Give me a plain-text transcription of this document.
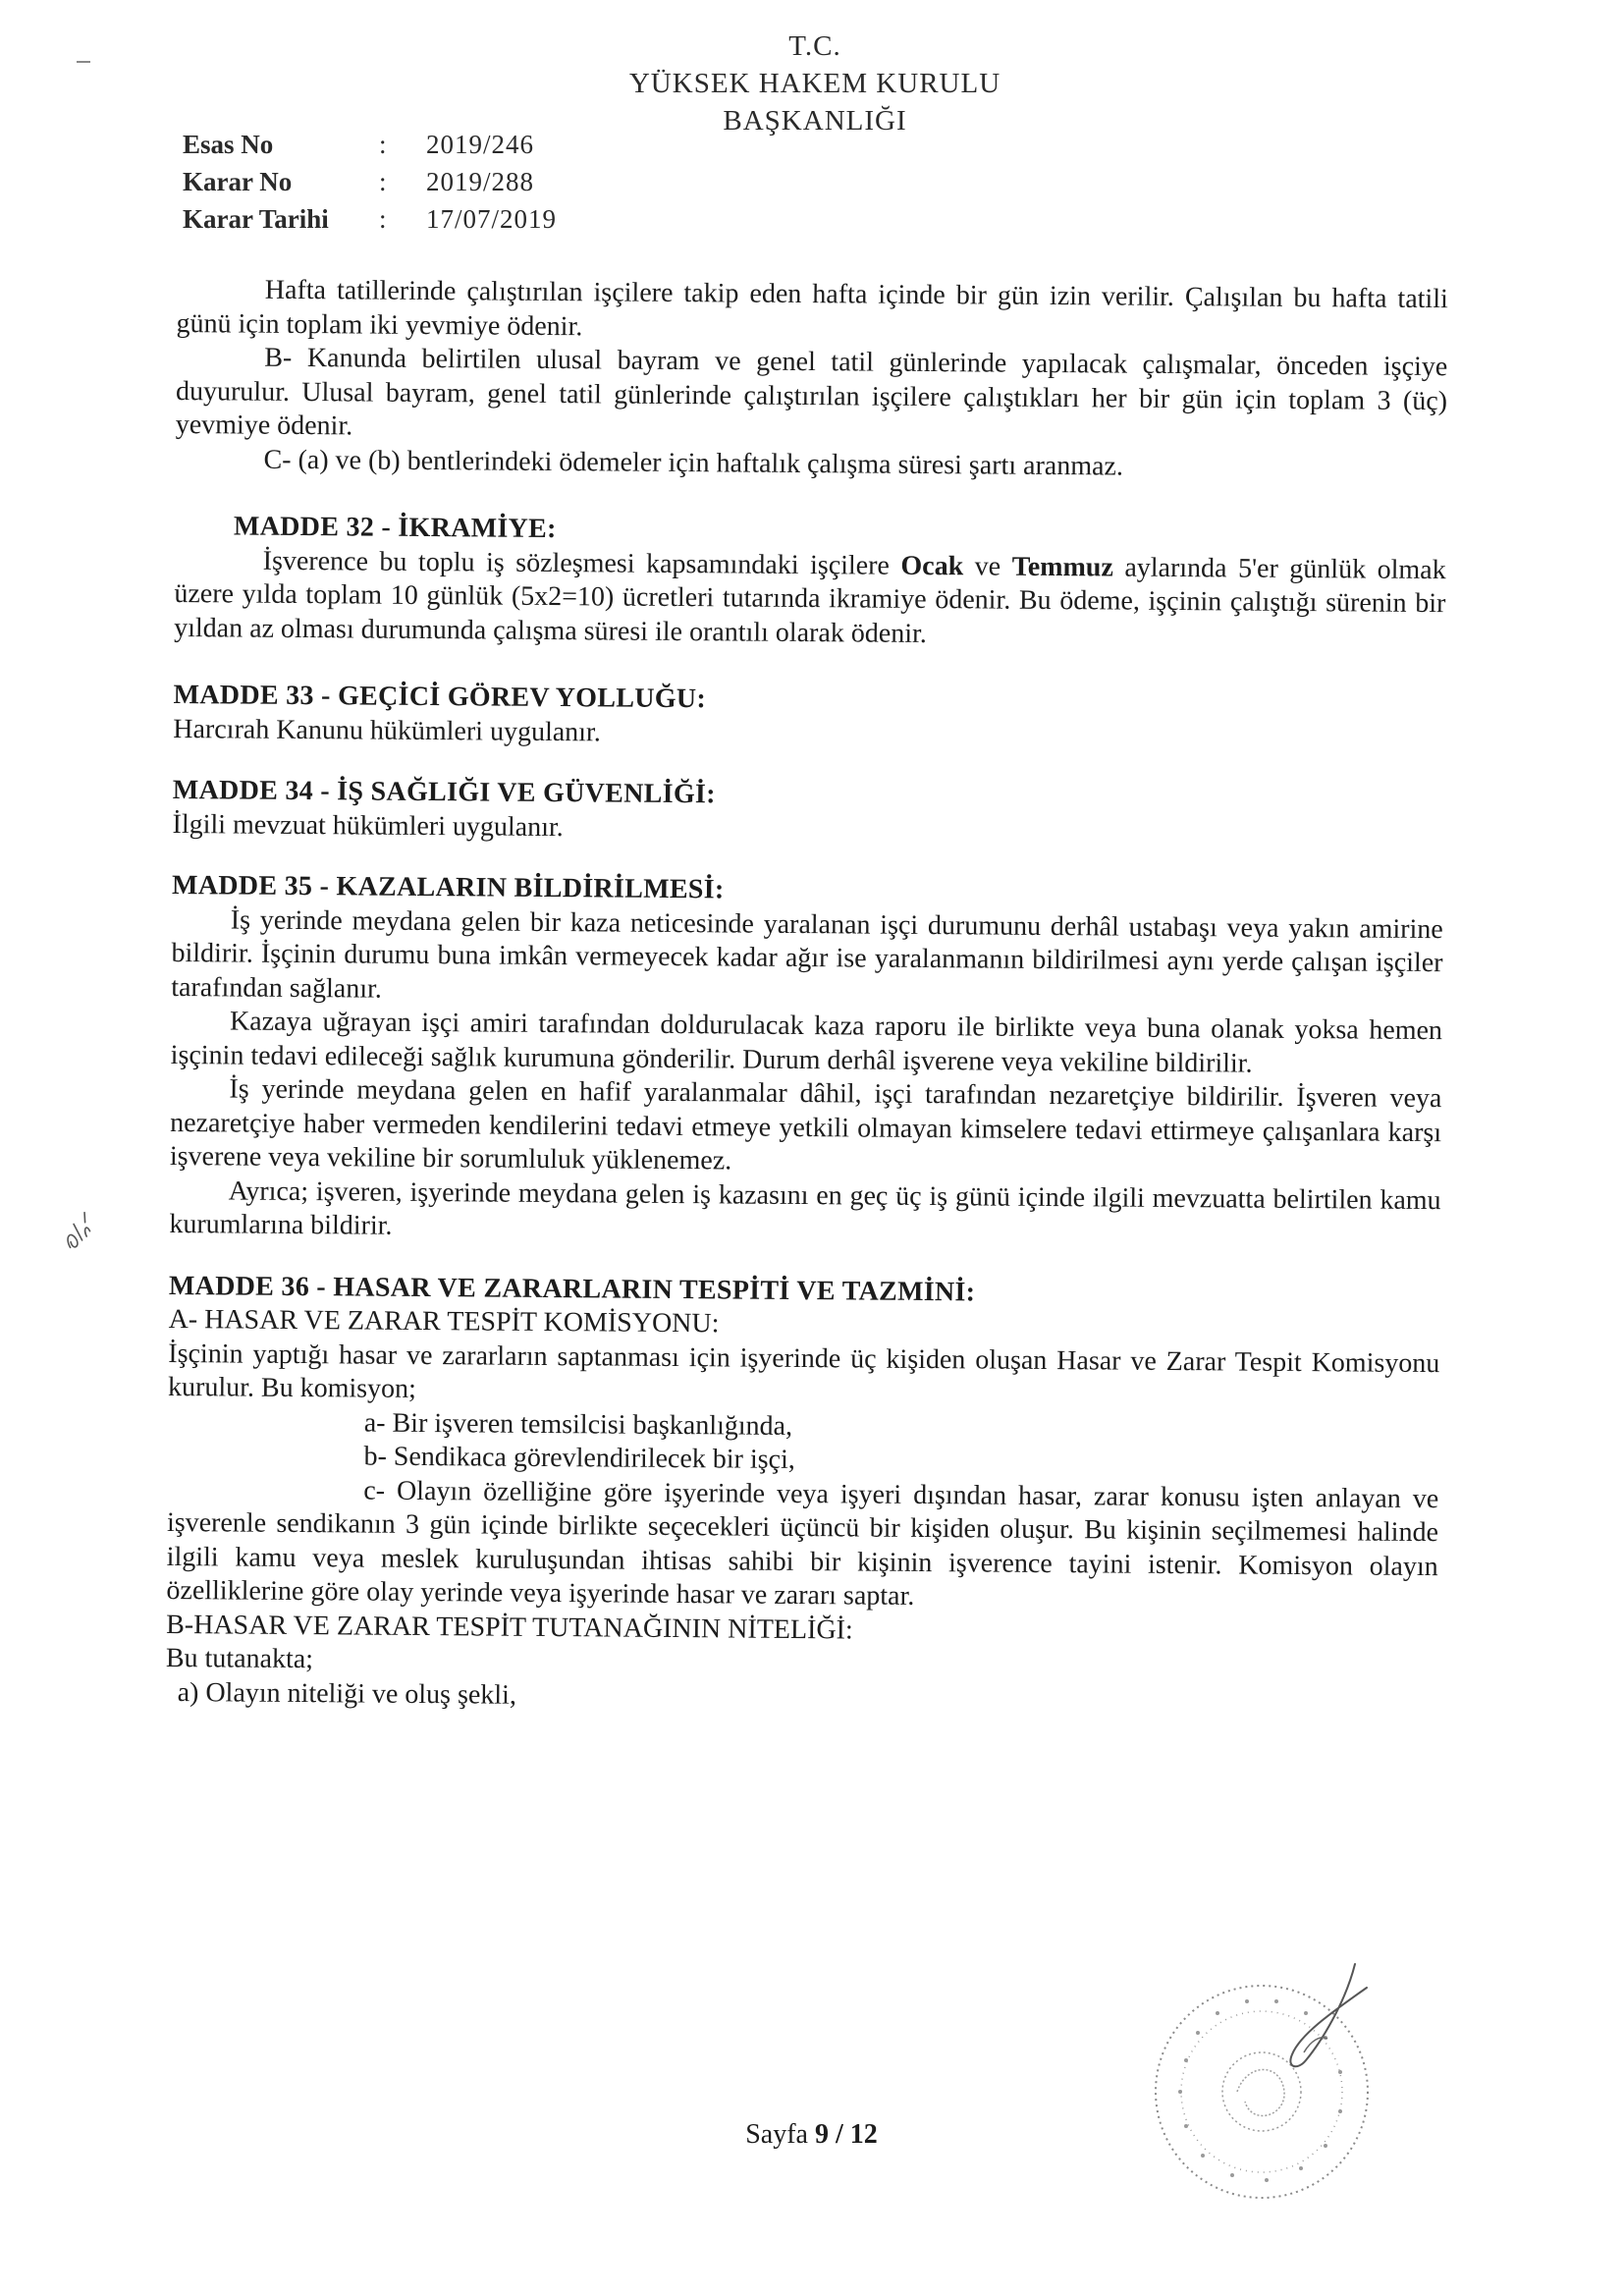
T.C.
YÜKSEK HAKEM KURULU
BAŞKANLIĞI
Esas No	:	2019/246
Karar No	:	2019/288
Karar Tarihi	:	17/07/2019

Hafta tatillerinde çalıştırılan işçilere takip eden hafta içinde bir gün izin verilir. Çalışılan bu hafta tatili günü için toplam iki yevmiye ödenir.

B- Kanunda belirtilen ulusal bayram ve genel tatil günlerinde yapılacak çalışmalar, önceden işçiye duyurulur. Ulusal bayram, genel tatil günlerinde çalıştırılan işçilere çalıştıkları her bir gün için toplam 3 (üç) yevmiye ödenir.

C- (a) ve (b) bentlerindeki ödemeler için haftalık çalışma süresi şartı aranmaz.

MADDE 32 - İKRAMİYE:

İşverence bu toplu iş sözleşmesi kapsamındaki işçilere Ocak ve Temmuz aylarında 5'er günlük olmak üzere yılda toplam 10 günlük (5x2=10) ücretleri tutarında ikramiye ödenir. Bu ödeme, işçinin çalıştığı sürenin bir yıldan az olması durumunda çalışma süresi ile orantılı olarak ödenir.

MADDE 33 - GEÇİCİ GÖREV YOLLUĞU:

Harcırah Kanunu hükümleri uygulanır.

MADDE 34 - İŞ SAĞLIĞI VE GÜVENLİĞİ:

İlgili mevzuat hükümleri uygulanır.

MADDE 35 - KAZALARIN BİLDİRİLMESİ:

İş yerinde meydana gelen bir kaza neticesinde yaralanan işçi durumunu derhâl ustabaşı veya yakın amirine bildirir. İşçinin durumu buna imkân vermeyecek kadar ağır ise yaralanmanın bildirilmesi aynı yerde çalışan işçiler tarafından sağlanır.

Kazaya uğrayan işçi amiri tarafından doldurulacak kaza raporu ile birlikte veya buna olanak yoksa hemen işçinin tedavi edileceği sağlık kurumuna gönderilir. Durum derhâl işverene veya vekiline bildirilir.

İş yerinde meydana gelen en hafif yaralanmalar dâhil, işçi tarafından nezaretçiye bildirilir. İşveren veya nezaretçiye haber vermeden kendilerini tedavi etmeye yetkili olmayan kimselere tedavi ettirmeye çalışanlara karşı işverene veya vekiline bir sorumluluk yüklenemez.

Ayrıca; işveren, işyerinde meydana gelen iş kazasını en geç üç iş günü içinde ilgili mevzuatta belirtilen kamu kurumlarına bildirir.

MADDE 36 - HASAR VE ZARARLARIN TESPİTİ VE TAZMİNİ:

A- HASAR VE ZARAR TESPİT KOMİSYONU:

İşçinin yaptığı hasar ve zararların saptanması için işyerinde üç kişiden oluşan Hasar ve Zarar Tespit Komisyonu kurulur. Bu komisyon;

a- Bir işveren temsilcisi başkanlığında,

b- Sendikaca görevlendirilecek bir işçi,

c- Olayın özelliğine göre işyerinde veya işyeri dışından hasar, zarar konusu işten anlayan ve işverenle sendikanın 3 gün içinde birlikte seçecekleri üçüncü bir kişiden oluşur. Bu kişinin seçilmemesi halinde ilgili kamu veya meslek kuruluşundan ihtisas sahibi bir kişinin işverence tayini istenir. Komisyon olayın özelliklerine göre olay yerinde veya işyerinde hasar ve zararı saptar.

B-HASAR VE ZARAR TESPİT TUTANAĞININ NİTELİĞİ:

Bu tutanakta;

a) Olayın niteliği ve oluş şekli,

Sayfa 9 / 12
